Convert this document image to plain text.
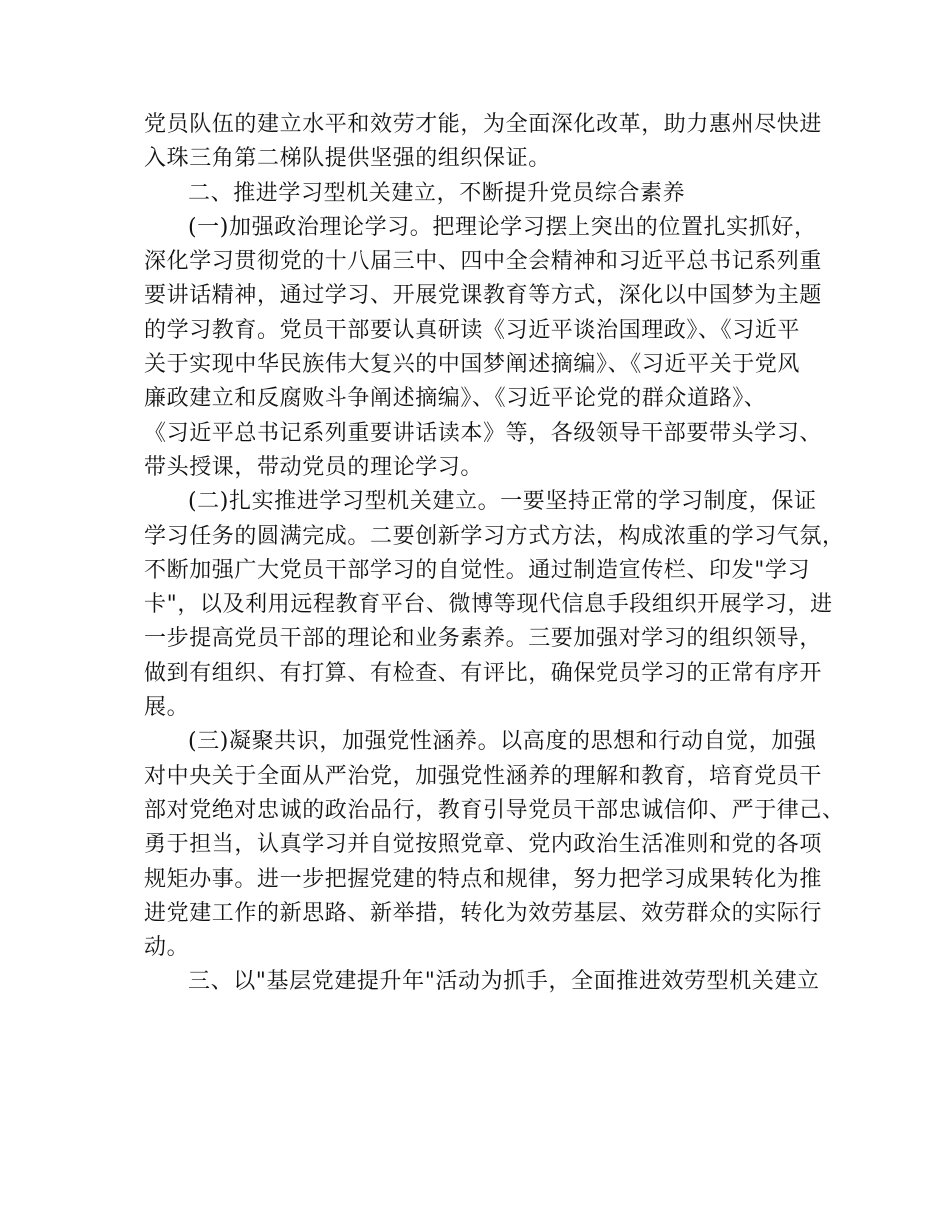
党员队伍的建立水平和效劳才能，为全面深化改革，助力惠州尽快进
入珠三角第二梯队提供坚强的组织保证。
二、推进学习型机关建立，不断提升党员综合素养
(一)加强政治理论学习。把理论学习摆上突出的位置扎实抓好，
深化学习贯彻党的十八届三中、四中全会精神和习近平总书记系列重
要讲话精神，通过学习、开展党课教育等方式，深化以中国梦为主题
的学习教育。党员干部要认真研读《习近平谈治国理政》、《习近平
关于实现中华民族伟大复兴的中国梦阐述摘编》、《习近平关于党风
廉政建立和反腐败斗争阐述摘编》、《习近平论党的群众道路》、
《习近平总书记系列重要讲话读本》等，各级领导干部要带头学习、
带头授课，带动党员的理论学习。
(二)扎实推进学习型机关建立。一要坚持正常的学习制度，保证
学习任务的圆满完成。二要创新学习方式方法，构成浓重的学习气氛，
不断加强广大党员干部学习的自觉性。通过制造宣传栏、印发"学习
卡"，以及利用远程教育平台、微博等现代信息手段组织开展学习，进
一步提高党员干部的理论和业务素养。三要加强对学习的组织领导，
做到有组织、有打算、有检查、有评比，确保党员学习的正常有序开
展。
(三)凝聚共识，加强党性涵养。以高度的思想和行动自觉，加强
对中央关于全面从严治党，加强党性涵养的理解和教育，培育党员干
部对党绝对忠诚的政治品行，教育引导党员干部忠诚信仰、严于律己、
勇于担当，认真学习并自觉按照党章、党内政治生活准则和党的各项
规矩办事。进一步把握党建的特点和规律，努力把学习成果转化为推
进党建工作的新思路、新举措，转化为效劳基层、效劳群众的实际行
动。
三、以"基层党建提升年"活动为抓手，全面推进效劳型机关建立
